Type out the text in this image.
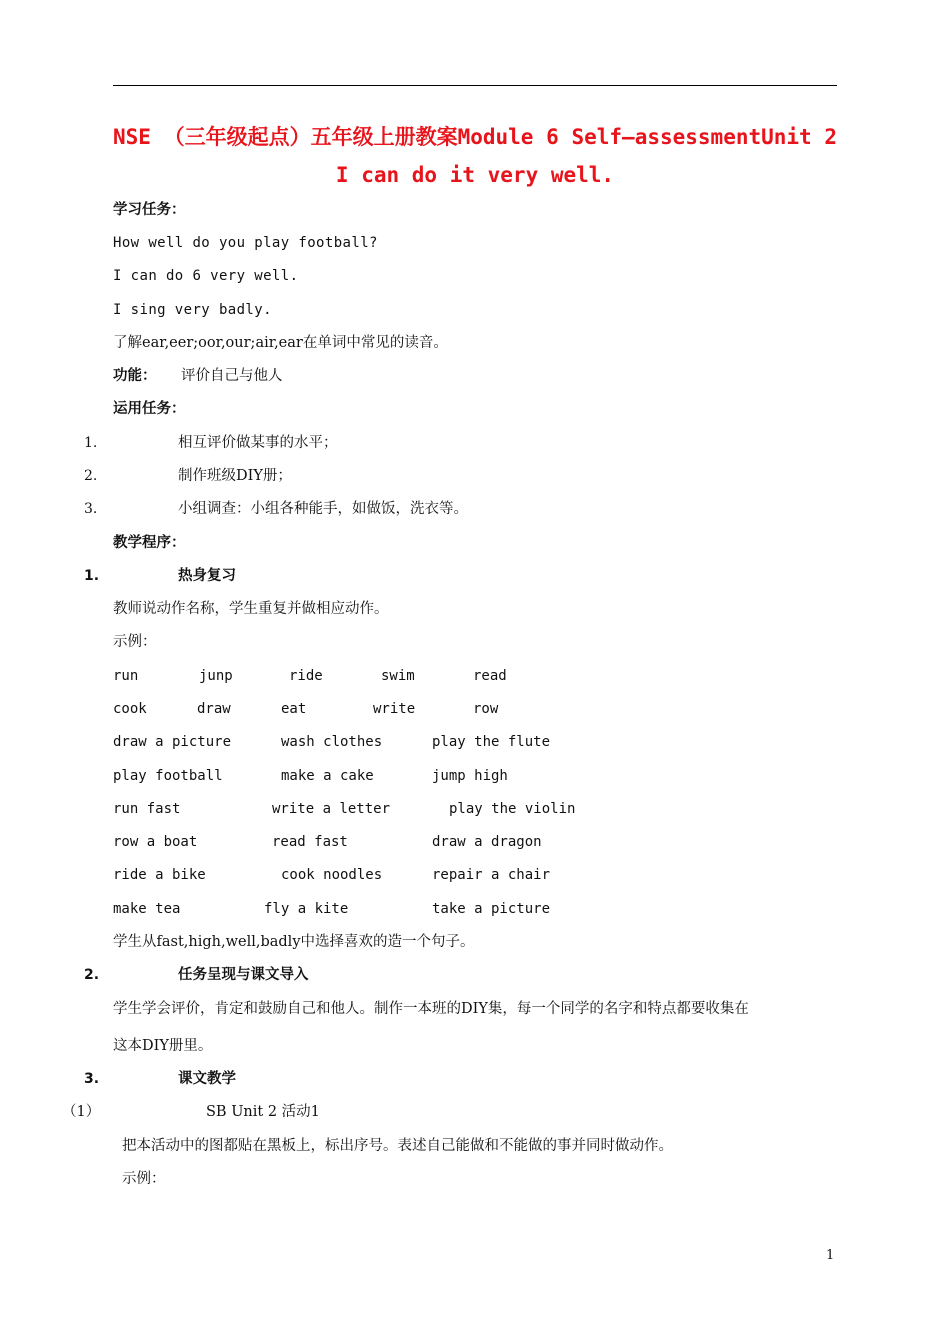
NSE （三年级起点）五年级上册教案Module 6 Self—assessmentUnit 2
I can do it very well.
学习任务：
How well do you play football?
I can do 6 very well.
I sing very badly.
了解ear,eer;oor,our;air,ear在单词中常见的读音。
功能： 评价自己与他人
运用任务：
1.	相互评价做某事的水平；
2.	制作班级DIY册；
3.	小组调查：小组各种能手，如做饭，洗衣等。
教学程序：
1.	热身复习
教师说动作名称，学生重复并做相应动作。
示例：
run	junp	ride	swim	read
cook	draw	eat	write	row
draw a picture	wash clothes	play the flute
play football	make a cake	jump high
run fast	write a letter	play the violin
row a boat	read fast	draw a dragon
ride a bike	cook noodles	repair a chair
make tea	fly a kite	take a picture
学生从fast,high,well,badly中选择喜欢的造一个句子。
2.	任务呈现与课文导入
学生学会评价，肯定和鼓励自己和他人。制作一本班的DIY集，每一个同学的名字和特点都要收集在
这本DIY册里。
3.	课文教学
（1）	SB Unit 2 活动1
把本活动中的图都贴在黑板上，标出序号。表述自己能做和不能做的事并同时做动作。
示例：
1
